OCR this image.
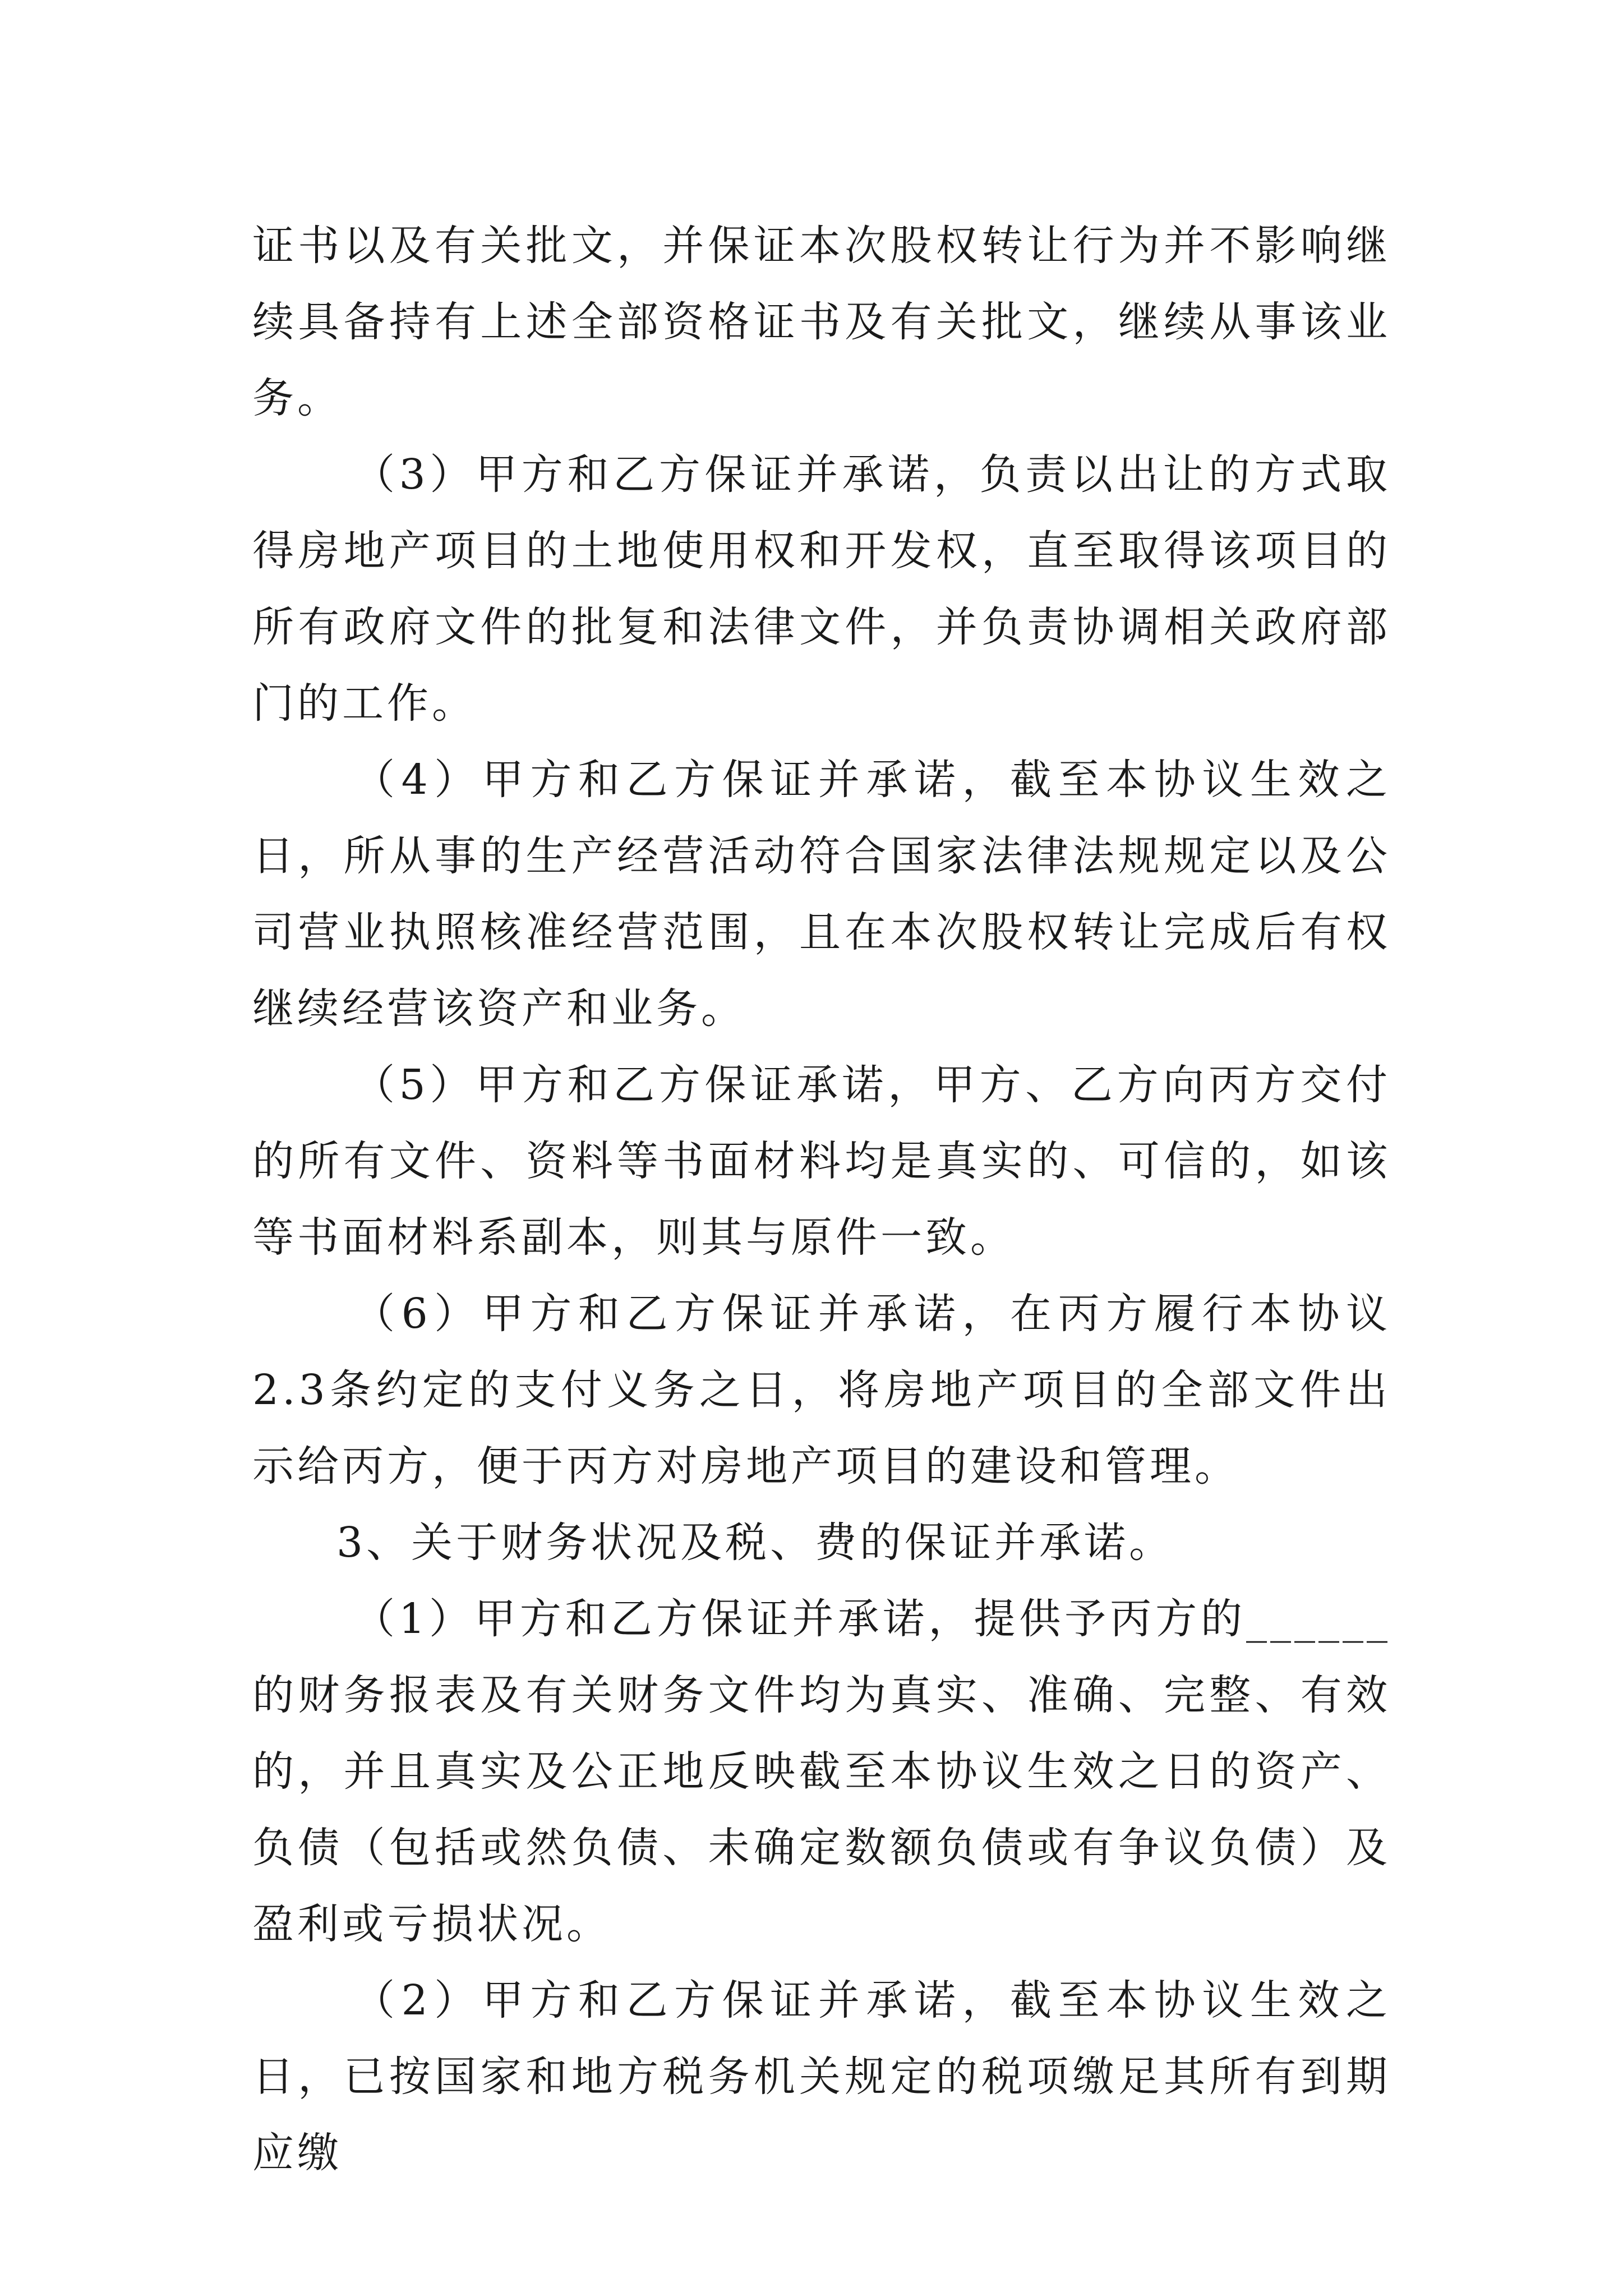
证书以及有关批文，并保证本次股权转让行为并不影响继续具备持有上述全部资格证书及有关批文，继续从事该业务。

（3）甲方和乙方保证并承诺，负责以出让的方式取得房地产项目的土地使用权和开发权，直至取得该项目的所有政府文件的批复和法律文件，并负责协调相关政府部门的工作。

（4）甲方和乙方保证并承诺，截至本协议生效之日，所从事的生产经营活动符合国家法律法规规定以及公司营业执照核准经营范围，且在本次股权转让完成后有权继续经营该资产和业务。

（5）甲方和乙方保证承诺，甲方、乙方向丙方交付的所有文件、资料等书面材料均是真实的、可信的，如该等书面材料系副本，则其与原件一致。

（6）甲方和乙方保证并承诺，在丙方履行本协议2.3条约定的支付义务之日，将房地产项目的全部文件出示给丙方，便于丙方对房地产项目的建设和管理。

3、关于财务状况及税、费的保证并承诺。

（1）甲方和乙方保证并承诺，提供予丙方的______的财务报表及有关财务文件均为真实、准确、完整、有效的，并且真实及公正地反映截至本协议生效之日的资产、负债（包括或然负债、未确定数额负债或有争议负债）及盈利或亏损状况。

（2）甲方和乙方保证并承诺，截至本协议生效之日，已按国家和地方税务机关规定的税项缴足其所有到期应缴
